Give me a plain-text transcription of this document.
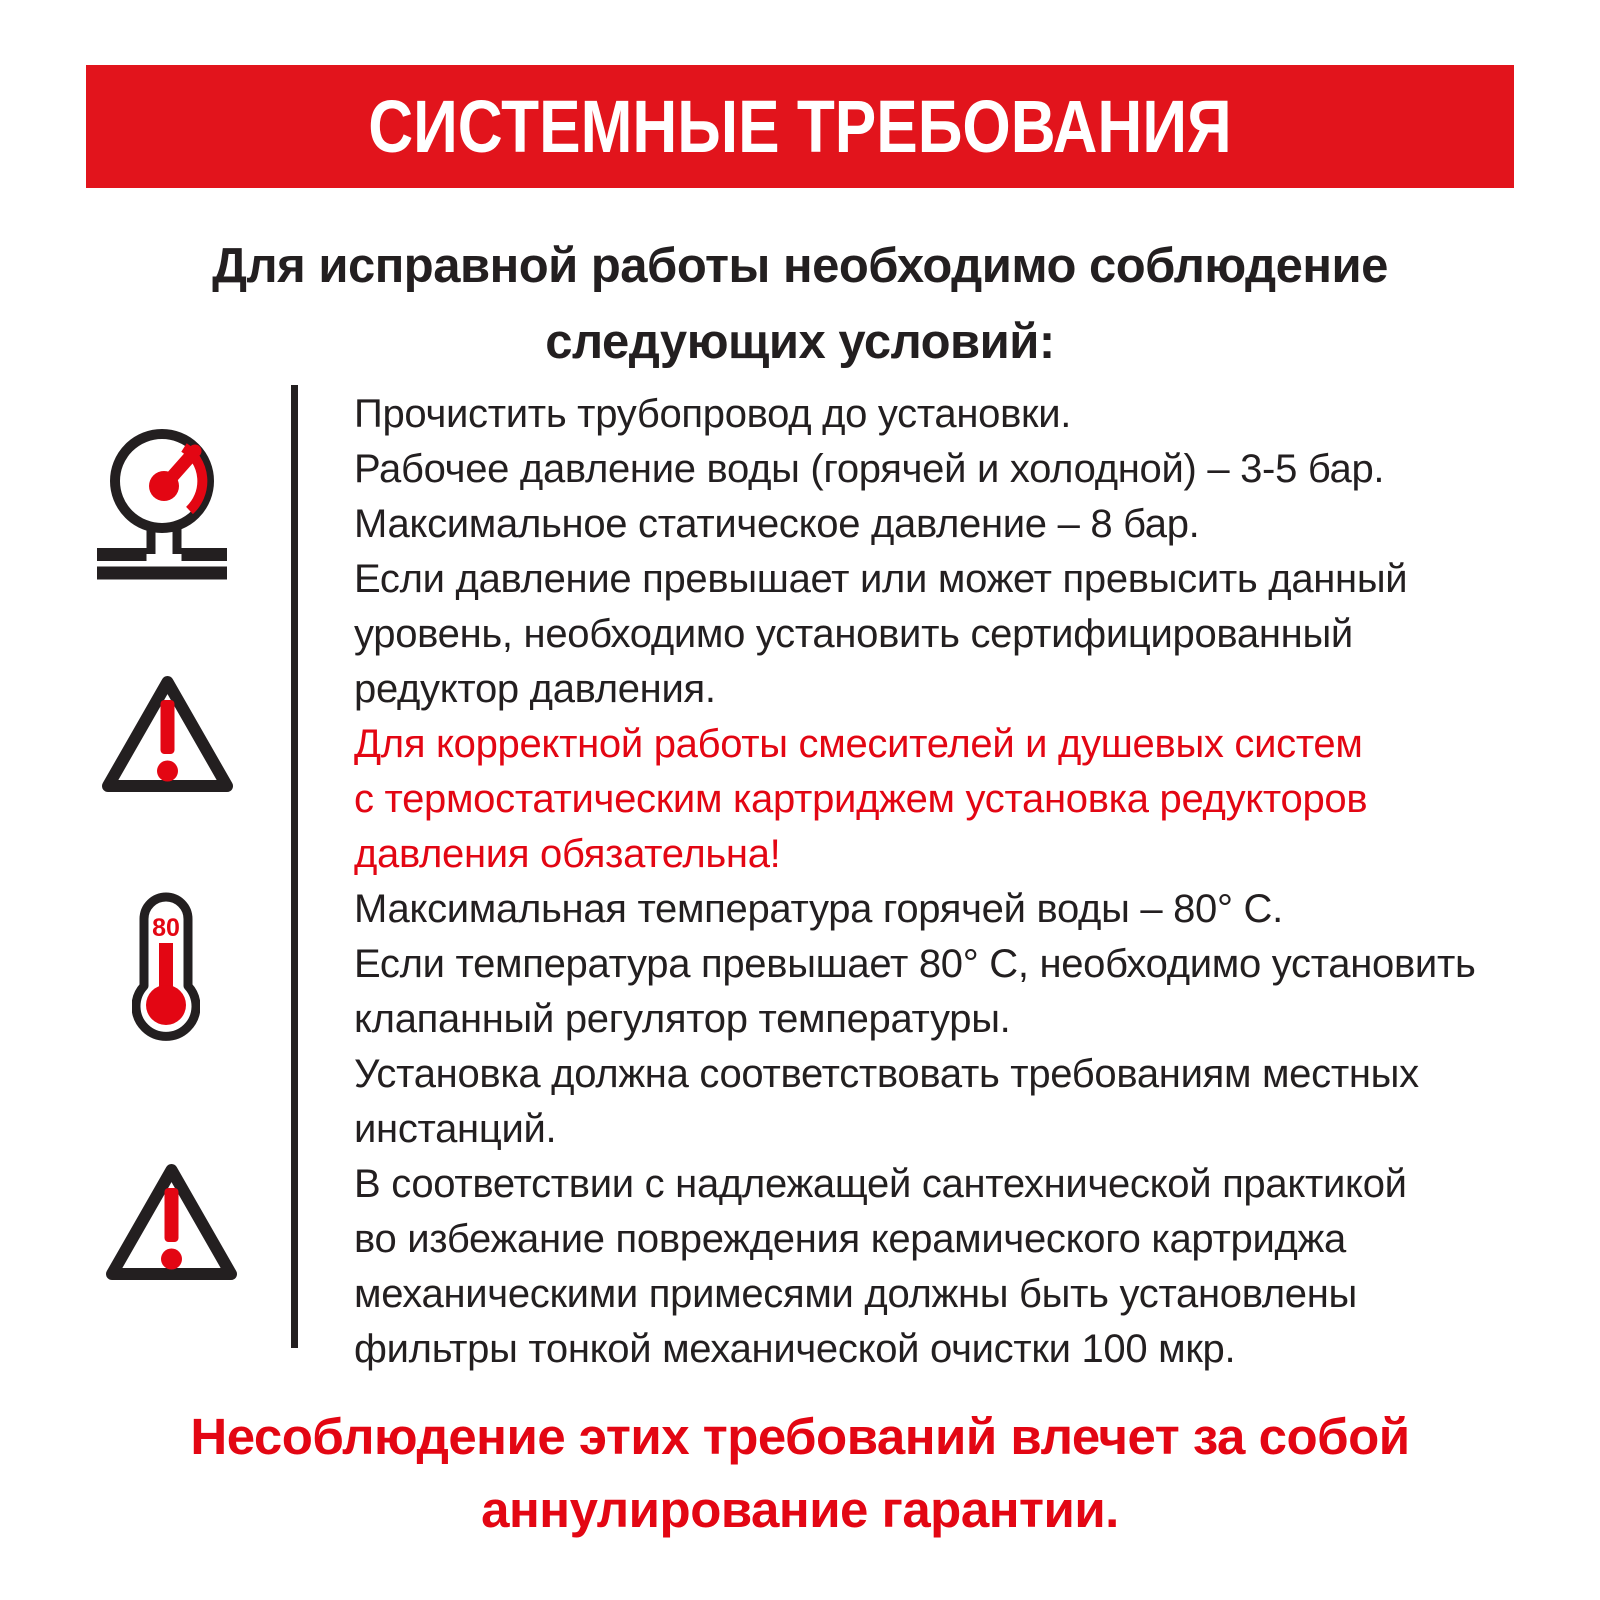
СИСТЕМНЫЕ ТРЕБОВАНИЯ
Для исправной работы необходимо соблюдение следующих условий:
80

Прочистить трубопровод до установки.

Рабочее давление воды (горячей и холодной) – 3-5 бар.

Максимальное статическое давление – 8 бар.

Если давление превышает или может превысить данный
уровень, необходимо установить сертифицированный
редуктор давления.

Для корректной работы смесителей и душевых систем
с термостатическим картриджем установка редукторов
давления обязательна!

Максимальная температура горячей воды – 80° С.

Если температура превышает 80° С, необходимо установить
клапанный регулятор температуры.

Установка должна соответствовать требованиям местных
инстанций.

В соответствии с надлежащей сантехнической практикой
во избежание повреждения керамического картриджа
механическими примесями должны быть установлены
фильтры тонкой механической очистки 100 мкр.

Несоблюдение этих требований влечет за собой аннулирование гарантии.
